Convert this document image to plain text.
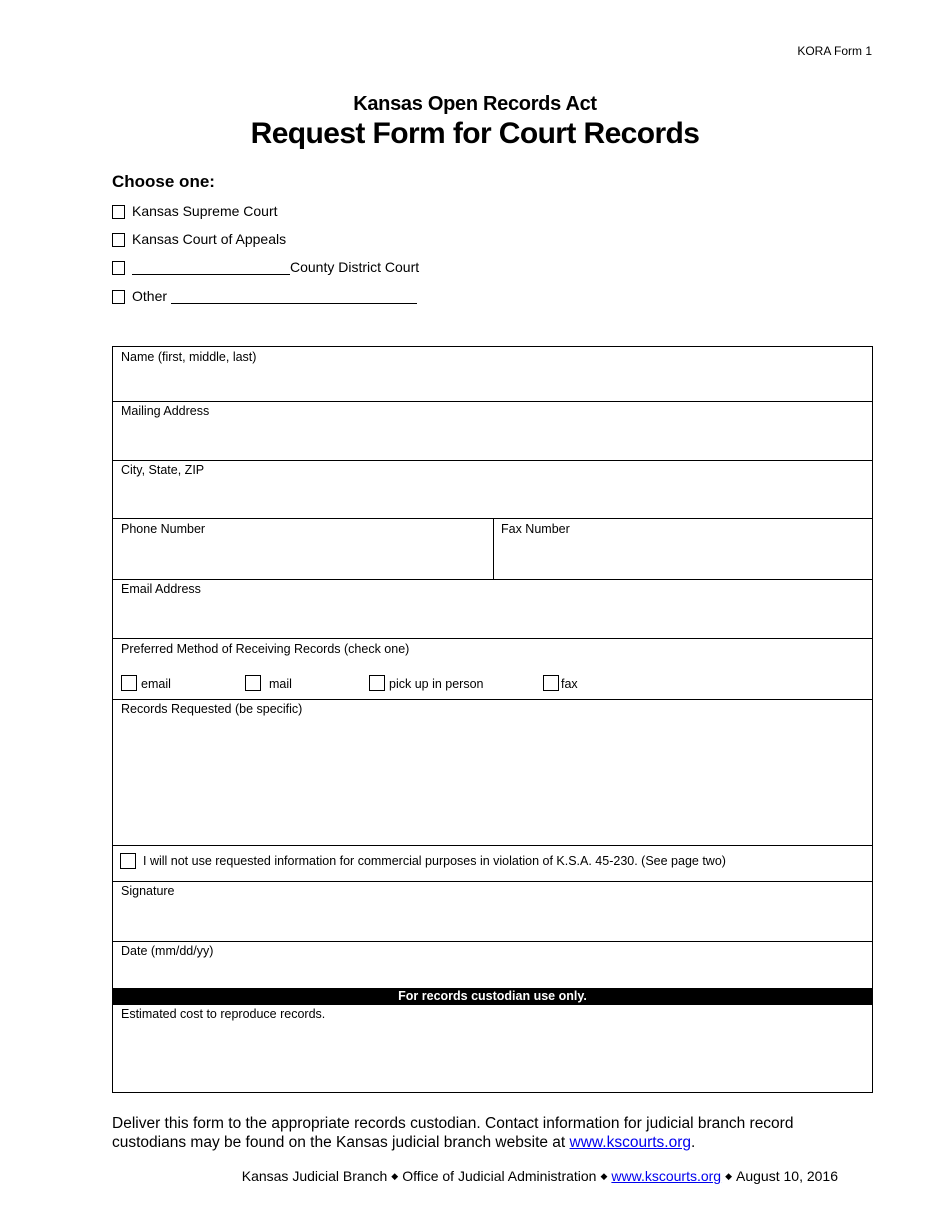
KORA Form 1
Kansas Open Records Act
Request Form for Court Records
Choose one:
Kansas Supreme Court
Kansas Court of Appeals
County District Court
Other
Name (first, middle, last)
Mailing Address
City, State, ZIP
Phone Number	Fax Number
Email Address
Preferred Method of Receiving Records (check one)
email	mail	pick up in person	fax
Records Requested (be specific)
I will not use requested information for commercial purposes in violation of K.S.A. 45-230. (See page two)
Signature
Date (mm/dd/yy)
For records custodian use only.
Estimated cost to reproduce records.
Deliver this form to the appropriate records custodian. Contact information for judicial branch record custodians may be found on the Kansas judicial branch website at www.kscourts.org.
Kansas Judicial Branch ◆ Office of Judicial Administration ◆ www.kscourts.org ◆ August 10, 2016
